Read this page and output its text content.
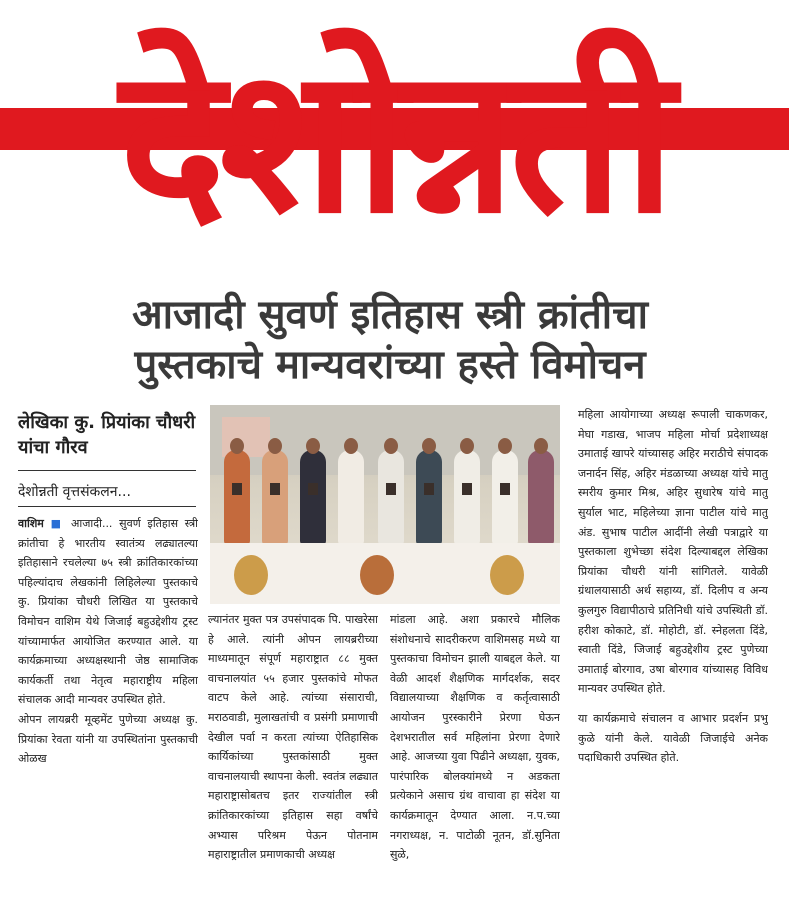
देशोन्नती
आजादी सुवर्ण इतिहास स्त्री क्रांतीचा
पुस्तकाचे मान्यवरांच्या हस्ते विमोचन
लेखिका कु. प्रियांका चौधरी यांचा गौरव
देशोन्नती वृत्तसंकलन...

वाशिम ■ आजादी... सुवर्ण इतिहास स्त्री क्रांतीचा हे भारतीय स्वातंत्र्य लढ्यातल्या इतिहासाने रचलेल्या ७५ स्त्री क्रांतिकारकांच्या पहिल्यांदाच लेखकांनी लिहिलेल्या पुस्तकाचे कु. प्रियांका चौधरी लिखित या पुस्तकाचे विमोचन वाशिम येथे जिजाई बहुउद्देशीय ट्रस्ट यांच्यामार्फत आयोजित करण्यात आले. या कार्यक्रमाच्या अध्यक्षस्थानी जेष्ठ सामाजिक कार्यकर्ती तथा नेतृत्व महाराष्ट्रीय महिला संचालक आदी मान्यवर उपस्थित होते.

ओपन लायब्ररी मूव्हमेंट पुणेच्या अध्यक्ष कु. प्रियांका रेवता यांनी या उपस्थितांना पुस्तकाची ओळख

ल्यानंतर मुक्त पत्र उपसंपादक पि. पाखरेसा हे आले. त्यांनी ओपन लायब्ररीच्या माध्यमातून संपूर्ण महाराष्ट्रात ८८ मुक्त वाचनालयांत ५५ हजार पुस्तकांचे मोफत वाटप केले आहे. त्यांच्या संसाराची, मराठवाडी, मुलाखतांची व प्रसंगी प्रमाणाची देखील पर्वा न करता त्यांच्या ऐतिहासिक कार्यिकांच्या पुस्तकांसाठी मुक्त वाचनालयाची स्थापना केली. स्वतंत्र लढ्यात महाराष्ट्रासोबतच इतर राज्यांतील स्त्री क्रांतिकारकांच्या इतिहास सहा वर्षांचे अभ्यास परिश्रम पेऊन पोतनाम महाराष्ट्रातील प्रमाणकाची अध्यक्ष

मांडला आहे. अशा प्रकारचे मौलिक संशोधनाचे सादरीकरण वाशिमसह मध्ये या पुस्तकाचा विमोचन झाली याबद्दल केले. या वेळी आदर्श शैक्षणिक मार्गदर्शक, सदर विद्यालयाच्या शैक्षणिक व कर्तृत्वासाठी आयोजन पुरस्कारीने प्रेरणा घेऊन देशभरातील सर्व महिलांना प्रेरणा देणारे आहे. आजच्या युवा पिढीने अध्यक्षा, युवक, पारंपारिक बोलक्यांमध्ये न अडकता प्रत्येकाने असाच ग्रंथ वाचावा हा संदेश या कार्यक्रमातून देण्यात आला. न.प.च्या नगराध्यक्ष, न. पाटोळी नूतन, डॉ.सुनिता सुळे,

महिला आयोगाच्या अध्यक्ष रूपाली चाकणकर, मेघा गडाख, भाजप महिला मोर्चा प्रदेशाध्यक्ष उमाताई खापरे यांच्यासह अहिर मराठीचे संपादक जनार्दन सिंह, अहिर मंडळाच्या अध्यक्ष यांचे मातु स्मरीय कुमार मिश्र, अहिर सुधारेष यांचे मातु सुर्याल भाट, महिलेच्या ज्ञाना पाटील यांचे मातु अंड. सुभाष पाटील आदींनी लेखी पत्राद्वारे या पुस्तकाला शुभेच्छा संदेश दिल्याबद्दल लेखिका प्रियांका चौधरी यांनी सांगितले. यावेळी ग्रंथालयासाठी अर्थ सहाय्य, डॉ. दिलीप व अन्य कुलगुरु विद्यापीठाचे प्रतिनिधी यांचे उपस्थिती डॉ. हरीश कोकाटे, डॉ. मोहोटी, डॉ. स्नेहलता दिंडे, स्वाती दिंडे, जिजाई बहुउद्देशीय ट्रस्ट पुणेच्या उमाताई बोरगाव, उषा बोरगाव यांच्यासह विविध मान्यवर उपस्थित होते.

या कार्यक्रमाचे संचालन व आभार प्रदर्शन प्रभु कुळे यांनी केले. यावेळी जिजाईचे अनेक पदाधिकारी उपस्थित होते.
